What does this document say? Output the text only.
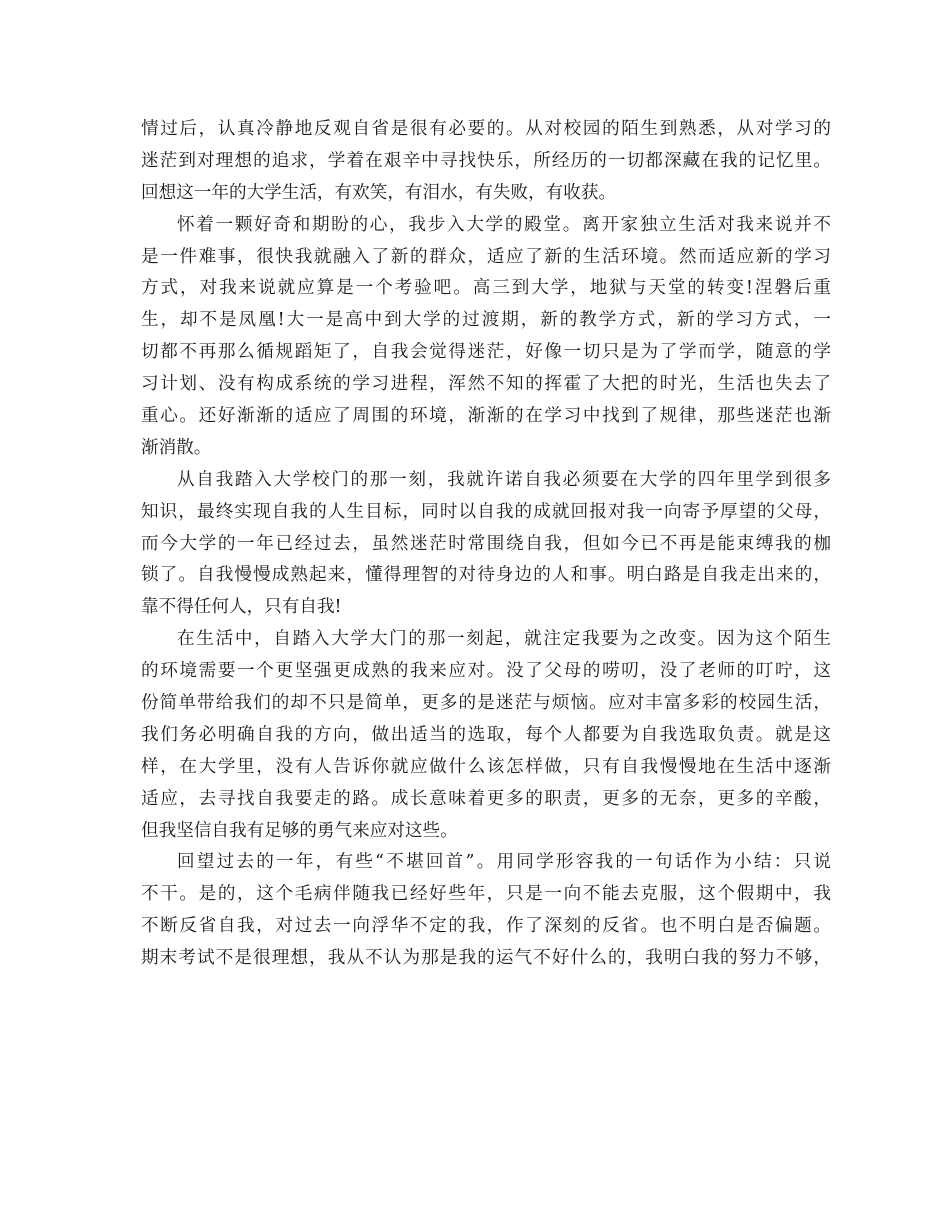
情过后，认真冷静地反观自省是很有必要的。从对校园的陌生到熟悉，从对学习的
迷茫到对理想的追求，学着在艰辛中寻找快乐，所经历的一切都深藏在我的记忆里。
回想这一年的大学生活，有欢笑，有泪水，有失败，有收获。
怀着一颗好奇和期盼的心，我步入大学的殿堂。离开家独立生活对我来说并不
是一件难事，很快我就融入了新的群众，适应了新的生活环境。然而适应新的学习
方式，对我来说就应算是一个考验吧。高三到大学，地狱与天堂的转变!涅磐后重
生，却不是凤凰!大一是高中到大学的过渡期，新的教学方式，新的学习方式，一
切都不再那么循规蹈矩了，自我会觉得迷茫，好像一切只是为了学而学，随意的学
习计划、没有构成系统的学习进程，浑然不知的挥霍了大把的时光，生活也失去了
重心。还好渐渐的适应了周围的环境，渐渐的在学习中找到了规律，那些迷茫也渐
渐消散。
从自我踏入大学校门的那一刻，我就许诺自我必须要在大学的四年里学到很多
知识，最终实现自我的人生目标，同时以自我的成就回报对我一向寄予厚望的父母，
而今大学的一年已经过去，虽然迷茫时常围绕自我，但如今已不再是能束缚我的枷
锁了。自我慢慢成熟起来，懂得理智的对待身边的人和事。明白路是自我走出来的，
靠不得任何人，只有自我!
在生活中，自踏入大学大门的那一刻起，就注定我要为之改变。因为这个陌生
的环境需要一个更坚强更成熟的我来应对。没了父母的唠叨，没了老师的叮咛，这
份简单带给我们的却不只是简单，更多的是迷茫与烦恼。应对丰富多彩的校园生活，
我们务必明确自我的方向，做出适当的选取，每个人都要为自我选取负责。就是这
样，在大学里，没有人告诉你就应做什么该怎样做，只有自我慢慢地在生活中逐渐
适应，去寻找自我要走的路。成长意味着更多的职责，更多的无奈，更多的辛酸，
但我坚信自我有足够的勇气来应对这些。
回望过去的一年，有些“不堪回首”。用同学形容我的一句话作为小结：只说
不干。是的，这个毛病伴随我已经好些年，只是一向不能去克服，这个假期中，我
不断反省自我，对过去一向浮华不定的我，作了深刻的反省。也不明白是否偏题。
期末考试不是很理想，我从不认为那是我的运气不好什么的，我明白我的努力不够，
